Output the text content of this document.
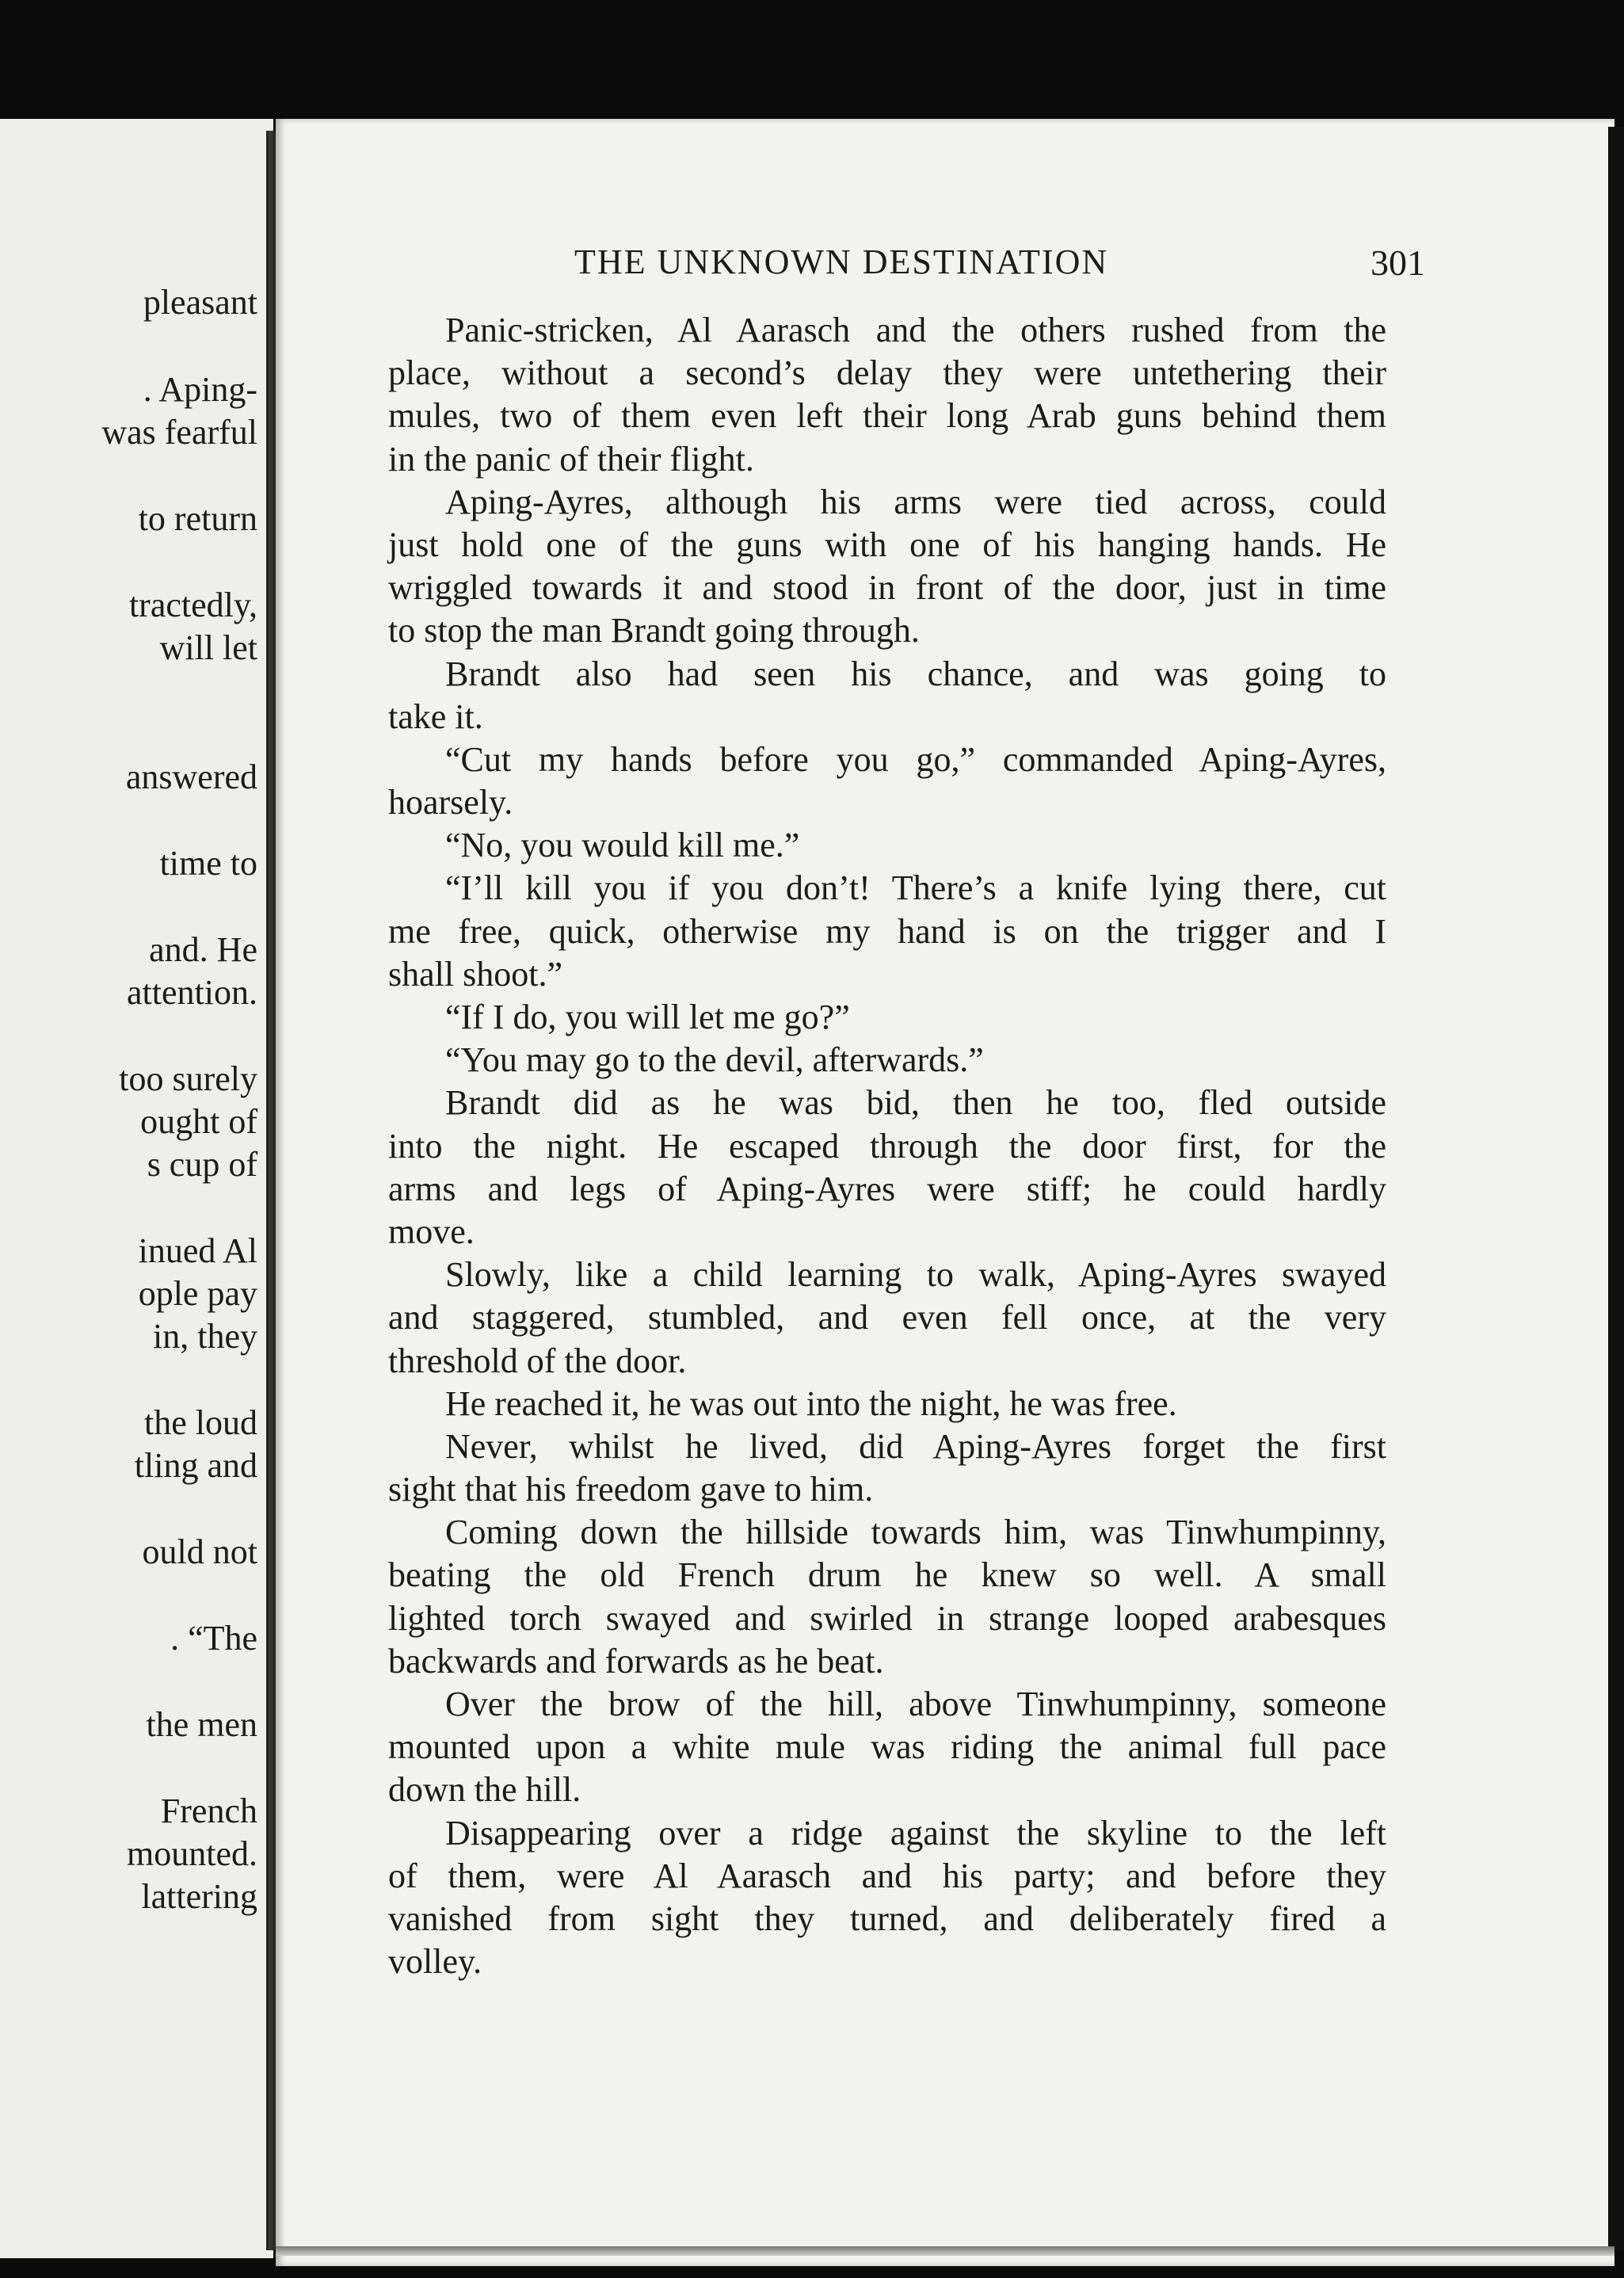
pleasant

. Aping-

was fearful

to return

tractedly,

will let

answered

time to

and. He

attention.

too surely

ought of

s cup of

inued Al

ople pay

in, they

the loud

tling and

ould not

. “The

the men

French

mounted.

lattering

THE UNKNOWN DESTINATION	301

Panic-stricken, Al Aarasch and the others rushed from the
place, without a second’s delay they were untethering their
mules, two of them even left their long Arab guns behind them
in the panic of their flight.
Aping-Ayres, although his arms were tied across, could
just hold one of the guns with one of his hanging hands. He
wriggled towards it and stood in front of the door, just in time
to stop the man Brandt going through.
Brandt also had seen his chance, and was going to
take it.
“Cut my hands before you go,” commanded Aping-Ayres,
hoarsely.
“No, you would kill me.”
“I’ll kill you if you don’t! There’s a knife lying there, cut
me free, quick, otherwise my hand is on the trigger and I
shall shoot.”
“If I do, you will let me go?”
“You may go to the devil, afterwards.”
Brandt did as he was bid, then he too, fled outside
into the night. He escaped through the door first, for the
arms and legs of Aping-Ayres were stiff; he could hardly
move.
Slowly, like a child learning to walk, Aping-Ayres swayed
and staggered, stumbled, and even fell once, at the very
threshold of the door.
He reached it, he was out into the night, he was free.
Never, whilst he lived, did Aping-Ayres forget the first
sight that his freedom gave to him.
Coming down the hillside towards him, was Tinwhumpinny,
beating the old French drum he knew so well. A small
lighted torch swayed and swirled in strange looped arabesques
backwards and forwards as he beat.
Over the brow of the hill, above Tinwhumpinny, someone
mounted upon a white mule was riding the animal full pace
down the hill.
Disappearing over a ridge against the skyline to the left
of them, were Al Aarasch and his party; and before they
vanished from sight they turned, and deliberately fired a
volley.
